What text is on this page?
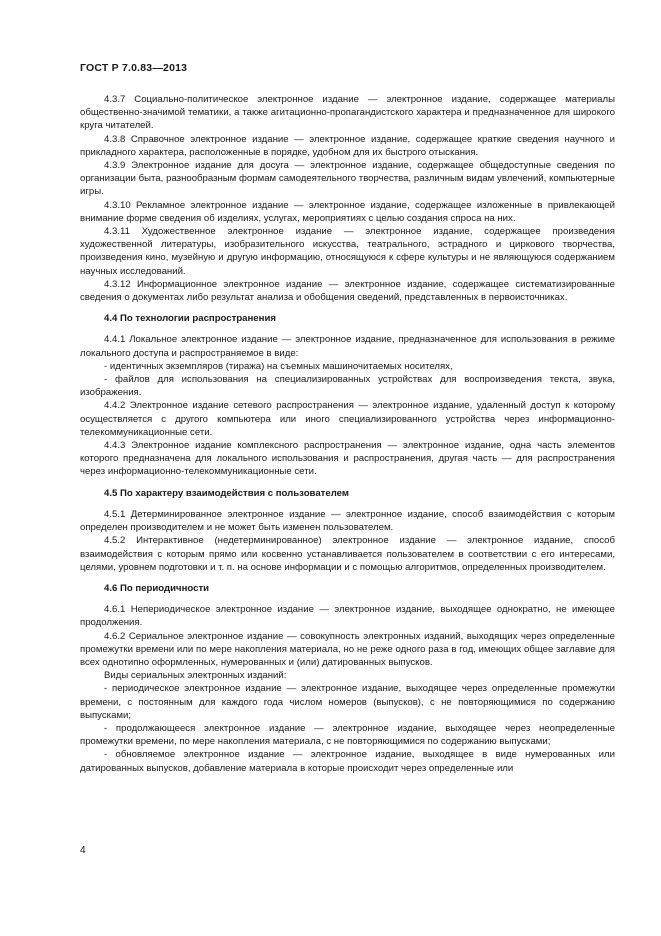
ГОСТ Р 7.0.83—2013

4.3.7 Социально-политическое электронное издание — электронное издание, содержащее материалы общественно-значимой тематики, а также агитационно-пропагандистского характера и предназначенное для широкого круга читателей.

4.3.8 Справочное электронное издание — электронное издание, содержащее краткие сведения научного и прикладного характера, расположенные в порядке, удобном для их быстрого отыскания.

4.3.9 Электронное издание для досуга — электронное издание, содержащее общедоступные сведения по организации быта, разнообразным формам самодеятельного творчества, различным видам увлечений, компьютерные игры.

4.3.10 Рекламное электронное издание — электронное издание, содержащее изложенные в привлекающей внимание форме сведения об изделиях, услугах, мероприятиях с целью создания спроса на них.

4.3.11 Художественное электронное издание — электронное издание, содержащее произведения художественной литературы, изобразительного искусства, театрального, эстрадного и циркового творчества, произведения кино, музейную и другую информацию, относящуюся к сфере культуры и не являющуюся содержанием научных исследований.

4.3.12 Информационное электронное издание — электронное издание, содержащее систематизированные сведения о документах либо результат анализа и обобщения сведений, представленных в первоисточниках.

4.4 По технологии распространения

4.4.1 Локальное электронное издание — электронное издание, предназначенное для использования в режиме локального доступа и распространяемое в виде:

- идентичных экземпляров (тиража) на съемных машиночитаемых носителях,

- файлов для использования на специализированных устройствах для воспроизведения текста, звука, изображения.

4.4.2 Электронное издание сетевого распространения — электронное издание, удаленный доступ к которому осуществляется с другого компьютера или иного специализированного устройства через информационно-телекоммуникационные сети.

4.4.3 Электронное издание комплексного распространения — электронное издание, одна часть элементов которого предназначена для локального использования и распространения, другая часть — для распространения через информационно-телекоммуникационные сети.

4.5 По характеру взаимодействия с пользователем

4.5.1 Детерминированное электронное издание — электронное издание, способ взаимодействия с которым определен производителем и не может быть изменен пользователем.

4.5.2 Интерактивное (недетерминированное) электронное издание — электронное издание, способ взаимодействия с которым прямо или косвенно устанавливается пользователем в соответствии с его интересами, целями, уровнем подготовки и т. п. на основе информации и с помощью алгоритмов, определенных производителем.

4.6 По периодичности

4.6.1 Непериодическое электронное издание — электронное издание, выходящее однократно, не имеющее продолжения.

4.6.2 Сериальное электронное издание — совокупность электронных изданий, выходящих через определенные промежутки времени или по мере накопления материала, но не реже одного раза в год, имеющих общее заглавие для всех однотипно оформленных, нумерованных и (или) датированных выпусков.

Виды сериальных электронных изданий:

- периодическое электронное издание — электронное издание, выходящее через определенные промежутки времени, с постоянным для каждого года числом номеров (выпусков), с не повторяющимися по содержанию выпусками;

- продолжающееся электронное издание — электронное издание, выходящее через неопределенные промежутки времени, по мере накопления материала, с не повторяющимися по содержанию выпусками;

- обновляемое электронное издание — электронное издание, выходящее в виде нумерованных или датированных выпусков, добавление материала в которые происходит через определенные или

4
